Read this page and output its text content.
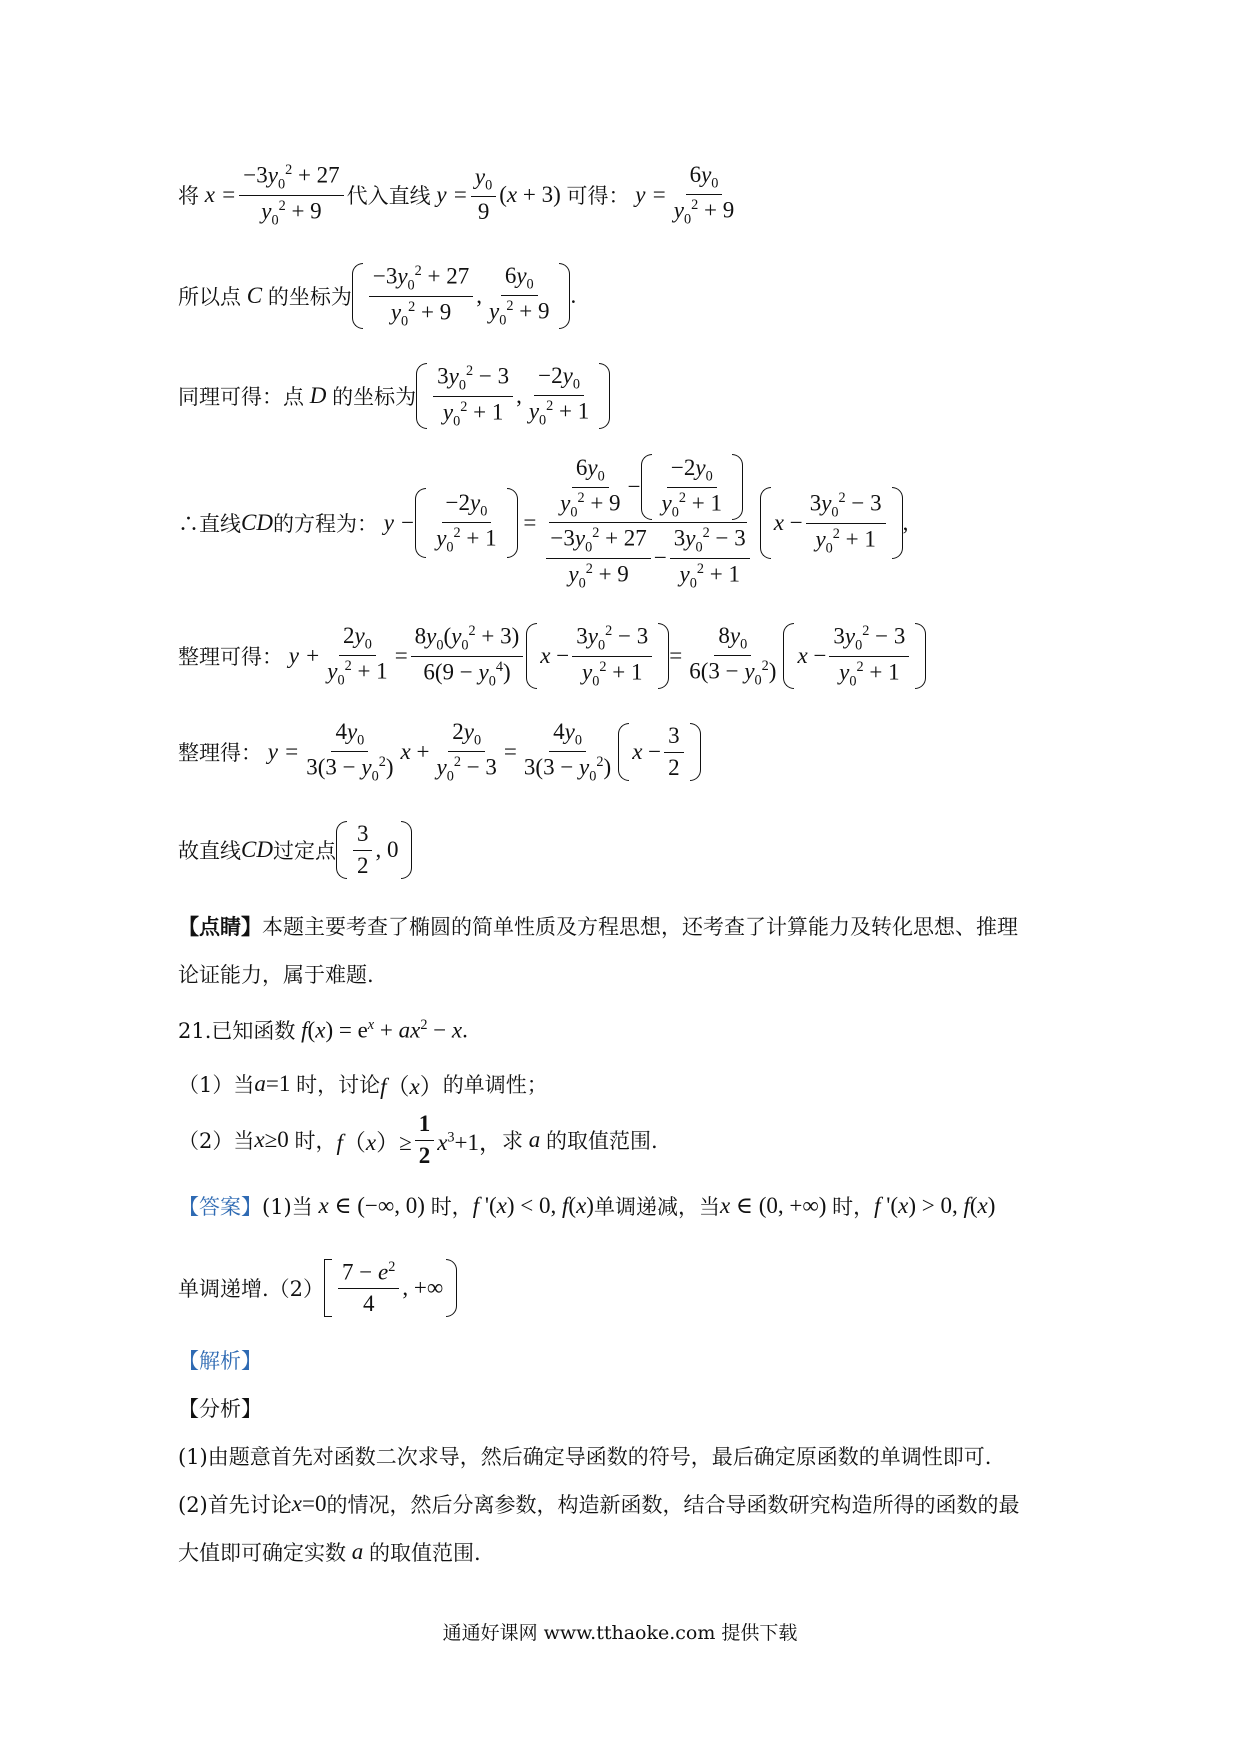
将 $x = \frac{-3y_0^2 + 27}{y_0^2 + 9}$ 代入直线 $y = \frac{y_0}{9} (x + 3)$ 可得： $y = \frac{6y_0}{y_0^2 + 9}$
所以点 C 的坐标为 $\frac{-3y_0^2 + 27}{y_0^2 + 9}$ , $\frac{6y_0}{y_0^2 + 9}$ .
同理可得：点 D 的坐标为 $\frac{3y_0^2 - 3}{y_0^2 + 1}$ , $\frac{-2y_0}{y_0^2 + 1}$
∴直线 CD 的方程为： $y - \frac{-2y_0}{y_0^2 + 1} = \frac{\frac{6y_0}{y_0^2 + 9} - \frac{-2y_0}{y_0^2 + 1}}{\frac{-3y_0^2 + 27}{y_0^2 + 9} - \frac{3y_0^2 - 3}{y_0^2 + 1}}$ $x - \frac{3y_0^2 - 3}{y_0^2 + 1}$ ,
整理可得： $y + \frac{2y_0}{y_0^2 + 1} = \frac{8y_0(y_0^2 + 3)}{6(9 - y_0^4)}$ $x - \frac{3y_0^2 - 3}{y_0^2 + 1} = \frac{8y_0}{6(3 - y_0^2)}$ $x - \frac{3y_0^2 - 3}{y_0^2 + 1}$
整理得： $y = \frac{4y_0}{3(3 - y_0^2)}$ $x + \frac{2y_0}{y_0^2 - 3} = \frac{4y_0}{3(3 - y_0^2)}$ $x - \frac{3}{2}$
故直线 CD 过定点 $\frac{3}{2}$ , 0
【点睛】 本题主要考查了椭圆的简单性质及方程思想，还考查了计算能力及转化思想、推理
论证能力，属于难题.
21.已知函数 $f(x) = e^x + ax^2 - x$.
（1）当 a=1 时，讨论 f（x） 的单调性；
（2）当 x≥0 时， $f(x)\ge \frac{1}{2} x^3+1$， 求 a 的取值范围.
【答案】 (1)当 x ∈ (−∞, 0) 时， f '(x) < 0, f(x) 单调递减，当 x ∈ (0, +∞) 时， f '(x) > 0, f(x)
单调递增$.(2) \frac{7 - e^2}{4}$ , +∞
【解析】
【分析】
(1)由题意首先对函数二次求导，然后确定导函数的符号，最后确定原函数的单调性即可.
(2)首先讨论 x=0 的情况，然后分离参数，构造新函数，结合导函数研究构造所得的函数的最
大值即可确定实数 a 的取值范围.
通通好课网 www.tthaoke.com 提供下载
